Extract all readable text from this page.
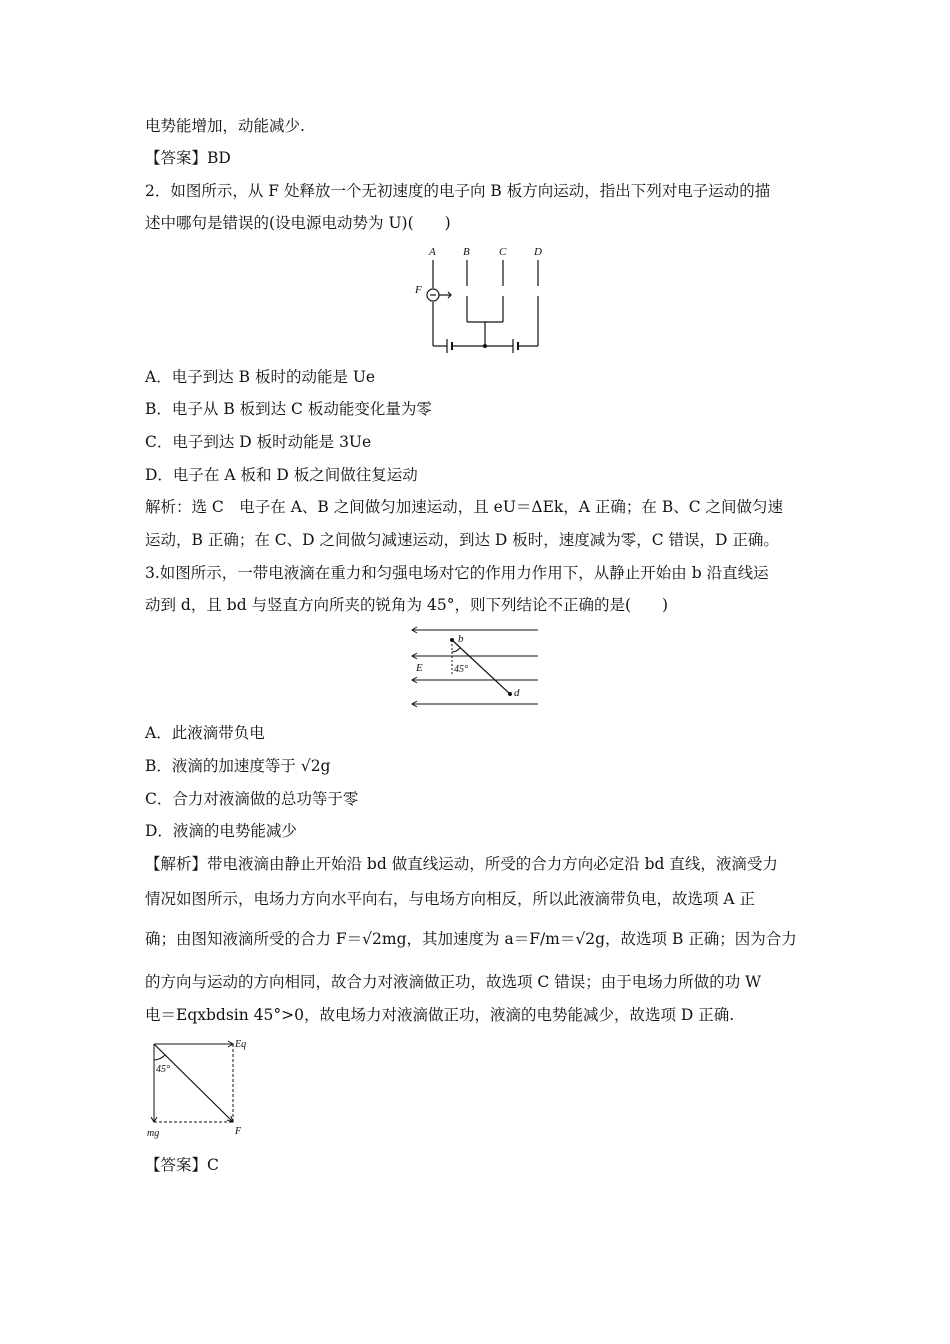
电势能增加，动能减少.
【答案】BD
2．如图所示，从 F 处释放一个无初速度的电子向 B 板方向运动，指出下列对电子运动的描
述中哪句是错误的(设电源电动势为 U)(　　)
A B	C	D
F
A．电子到达 B 板时的动能是 Ue
B．电子从 B 板到达 C 板动能变化量为零
C．电子到达 D 板时动能是 3Ue
D．电子在 A 板和 D 板之间做往复运动
解析：选 C　电子在 A、B 之间做匀加速运动，且 eU＝ΔEk，A 正确；在 B、C 之间做匀速
运动，B 正确；在 C、D 之间做匀减速运动，到达 D 板时，速度减为零，C 错误，D 正确。
3.如图所示，一带电液滴在重力和匀强电场对它的作用力作用下，从静止开始由 b 沿直线运
动到 d，且 bd 与竖直方向所夹的锐角为 45°，则下列结论不正确的是(　　)
b
E	45°
d
A．此液滴带负电
B．液滴的加速度等于 √2g
C．合力对液滴做的总功等于零
D．液滴的电势能减少
【解析】带电液滴由静止开始沿 bd 做直线运动，所受的合力方向必定沿 bd 直线，液滴受力
情况如图所示，电场力方向水平向右，与电场方向相反，所以此液滴带负电，故选项 A 正
确；由图知液滴所受的合力 F＝√2mg，其加速度为 a＝F/m＝√2g，故选项 B 正确；因为合力
的方向与运动的方向相同，故合力对液滴做正功，故选项 C 错误；由于电场力所做的功 W
电＝Eqxbdsin 45°>0，故电场力对液滴做正功，液滴的电势能减少，故选项 D 正确.
Eq
45°
mg	F
【答案】C
